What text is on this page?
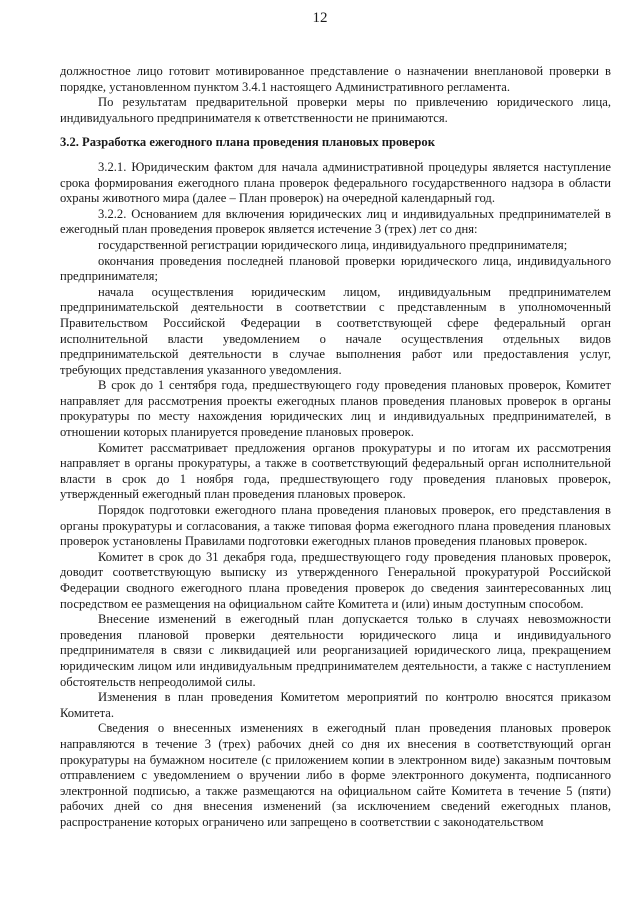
12

должностное лицо готовит мотивированное представление о назначении внеплановой проверки в порядке, установленном пунктом 3.4.1 настоящего Административного регламента.

По результатам предварительной проверки меры по привлечению юридического лица, индивидуального предпринимателя к ответственности не принимаются.

3.2. Разработка ежегодного плана проведения плановых проверок

3.2.1. Юридическим фактом для начала административной процедуры является наступление срока формирования ежегодного плана проверок федерального государственного надзора в области охраны животного мира (далее – План проверок) на очередной календарный год.

3.2.2. Основанием для включения юридических лиц и индивидуальных предпринимателей в ежегодный план проведения проверок является истечение 3 (трех) лет со дня:

государственной регистрации юридического лица, индивидуального предпринимателя;

окончания проведения последней плановой проверки юридического лица, индивидуального предпринимателя;

начала осуществления юридическим лицом, индивидуальным предпринимателем предпринимательской деятельности в соответствии с представленным в уполномоченный Правительством Российской Федерации в соответствующей сфере федеральный орган исполнительной власти уведомлением о начале осуществления отдельных видов предпринимательской деятельности в случае выполнения работ или предоставления услуг, требующих представления указанного уведомления.

В срок до 1 сентября года, предшествующего году проведения плановых проверок, Комитет направляет для рассмотрения проекты ежегодных планов проведения плановых проверок в органы прокуратуры по месту нахождения юридических лиц и индивидуальных предпринимателей, в отношении которых планируется проведение плановых проверок.

Комитет рассматривает предложения органов прокуратуры и по итогам их рассмотрения направляет в органы прокуратуры, а также в соответствующий федеральный орган исполнительной власти в срок до 1 ноября года, предшествующего году проведения плановых проверок, утвержденный ежегодный план проведения плановых проверок.

Порядок подготовки ежегодного плана проведения плановых проверок, его представления в органы прокуратуры и согласования, а также типовая форма ежегодного плана проведения плановых проверок установлены Правилами подготовки ежегодных планов проведения плановых проверок.

Комитет в срок до 31 декабря года, предшествующего году проведения плановых проверок, доводит соответствующую выписку из утвержденного Генеральной прокуратурой Российской Федерации сводного ежегодного плана проведения проверок до сведения заинтересованных лиц посредством ее размещения на официальном сайте Комитета и (или) иным доступным способом.

Внесение изменений в ежегодный план допускается только в случаях невозможности проведения плановой проверки деятельности юридического лица и индивидуального предпринимателя в связи с ликвидацией или реорганизацией юридического лица, прекращением юридическим лицом или индивидуальным предпринимателем деятельности, а также с наступлением обстоятельств непреодолимой силы.

Изменения в план проведения Комитетом мероприятий по контролю вносятся приказом Комитета.

Сведения о внесенных изменениях в ежегодный план проведения плановых проверок направляются в течение 3 (трех) рабочих дней со дня их внесения в соответствующий орган прокуратуры на бумажном носителе (с приложением копии в электронном виде) заказным почтовым отправлением с уведомлением о вручении либо в форме электронного документа, подписанного электронной подписью, а также размещаются на официальном сайте Комитета в течение 5 (пяти) рабочих дней со дня внесения изменений (за исключением сведений ежегодных планов, распространение которых ограничено или запрещено в соответствии с законодательством
